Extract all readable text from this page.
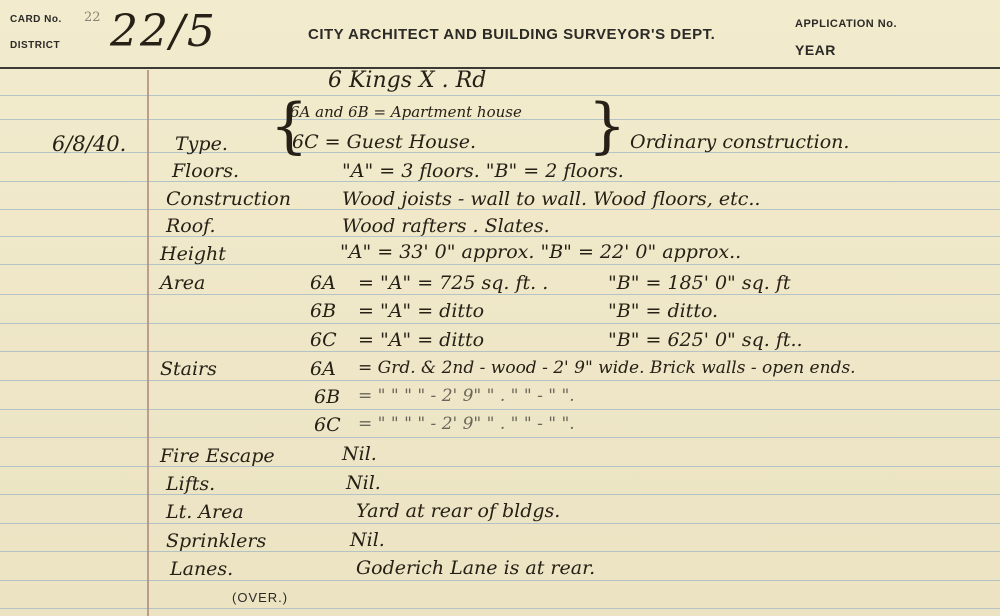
CARD No.
DISTRICT
22 22/5	CITY ARCHITECT AND BUILDING SURVEYOR'S DEPT.
APPLICATION No.
YEAR
6 Kings X . Rd
6/8/40.	Type. {
6A and 6B = Apartment house
6C = Guest House. } Ordinary construction.
Floors.	"A" = 3 floors. "B" = 2 floors.
Construction	Wood joists - wall to wall. Wood floors, etc..
Roof.	Wood rafters . Slates.
Height	"A" = 33' 0" approx. "B" = 22' 0" approx..
Area	6A = "A" = 725 sq. ft. .	"B" = 185' 0" sq. ft
6B = "A" = ditto	"B" = ditto.
6C = "A" = ditto	"B" = 625' 0" sq. ft..
Stairs	6A = Grd. & 2nd - wood - 2' 9" wide. Brick walls - open ends.
6B = " " " " - 2' 9" " . " " - " ".
6C = " " " " - 2' 9" " . " " - " ".
Fire Escape	Nil.
Lifts.	Nil.
Lt. Area	Yard at rear of bldgs.
Sprinklers	Nil.
Lanes.	Goderich Lane is at rear.
(OVER.)
